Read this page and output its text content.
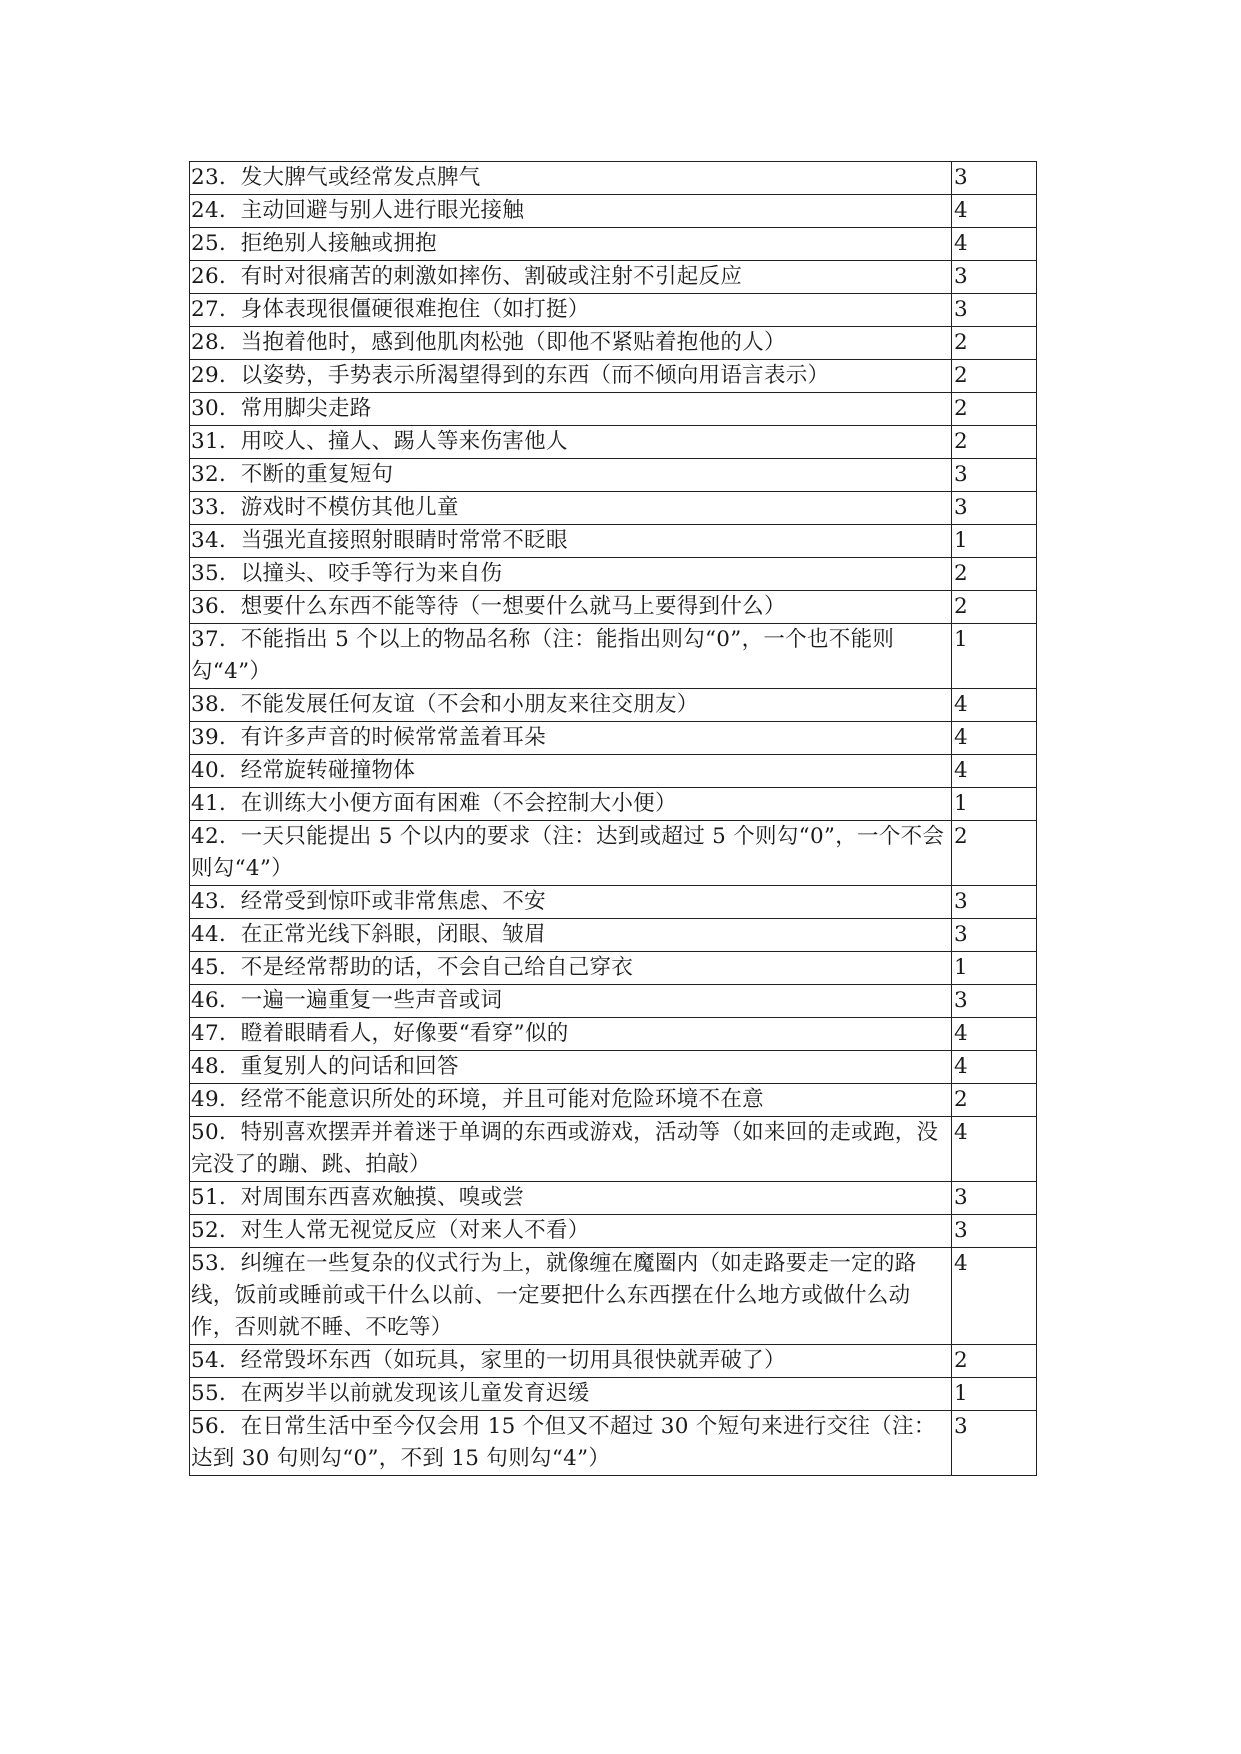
23．发大脾气或经常发点脾气	3
24．主动回避与别人进行眼光接触	4
25．拒绝别人接触或拥抱	4
26．有时对很痛苦的刺激如摔伤、割破或注射不引起反应	3
27．身体表现很僵硬很难抱住（如打挺）	3
28．当抱着他时，感到他肌肉松弛（即他不紧贴着抱他的人）	2
29．以姿势，手势表示所渴望得到的东西（而不倾向用语言表示）	2
30．常用脚尖走路	2
31．用咬人、撞人、踢人等来伤害他人	2
32．不断的重复短句	3
33．游戏时不模仿其他儿童	3
34．当强光直接照射眼睛时常常不眨眼	1
35．以撞头、咬手等行为来自伤	2
36．想要什么东西不能等待（一想要什么就马上要得到什么）	2
37．不能指出 5 个以上的物品名称（注：能指出则勾“0”，一个也不能则勾“4”）	1
38．不能发展任何友谊（不会和小朋友来往交朋友）	4
39．有许多声音的时候常常盖着耳朵	4
40．经常旋转碰撞物体	4
41．在训练大小便方面有困难（不会控制大小便）	1
42．一天只能提出 5 个以内的要求（注：达到或超过 5 个则勾“0”，一个不会则勾“4”）	2
43．经常受到惊吓或非常焦虑、不安	3
44．在正常光线下斜眼，闭眼、皱眉	3
45．不是经常帮助的话，不会自己给自己穿衣	1
46．一遍一遍重复一些声音或词	3
47．瞪着眼睛看人，好像要“看穿”似的	4
48．重复别人的问话和回答	4
49．经常不能意识所处的环境，并且可能对危险环境不在意	2
50．特别喜欢摆弄并着迷于单调的东西或游戏，活动等（如来回的走或跑，没完没了的蹦、跳、拍敲）	4
51．对周围东西喜欢触摸、嗅或尝	3
52．对生人常无视觉反应（对来人不看）	3
53．纠缠在一些复杂的仪式行为上，就像缠在魔圈内（如走路要走一定的路线，饭前或睡前或干什么以前、一定要把什么东西摆在什么地方或做什么动作，否则就不睡、不吃等）	4
54．经常毁坏东西（如玩具，家里的一切用具很快就弄破了）	2
55．在两岁半以前就发现该儿童发育迟缓	1
56．在日常生活中至今仅会用 15 个但又不超过 30 个短句来进行交往（注：达到 30 句则勾“0”，不到 15 句则勾“4”）	3
